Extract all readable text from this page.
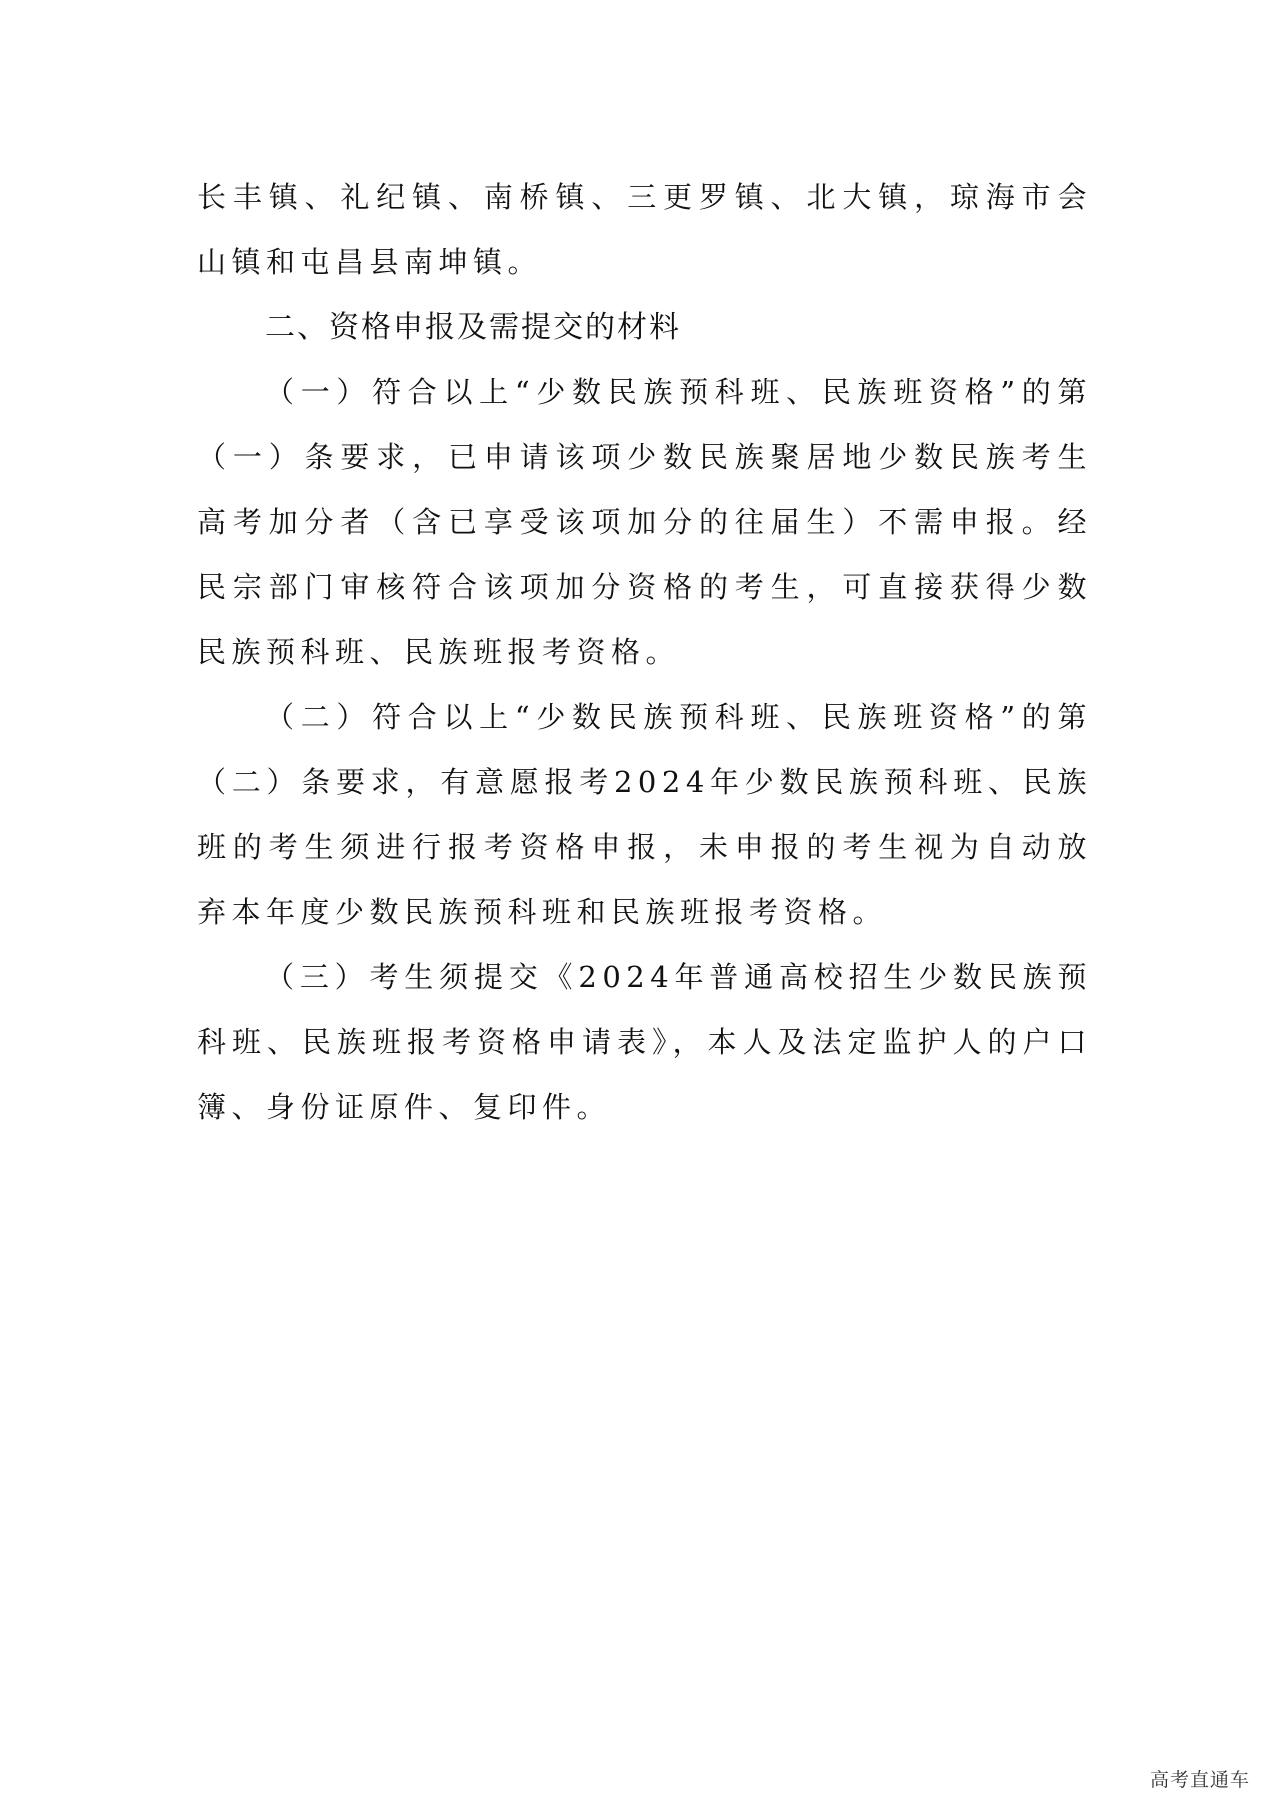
长丰镇、礼纪镇、南桥镇、三更罗镇、北大镇，琼海市会山镇和屯昌县南坤镇。

二、资格申报及需提交的材料

（一）符合以上“少数民族预科班、民族班资格”的第（一）条要求，已申请该项少数民族聚居地少数民族考生高考加分者（含已享受该项加分的往届生）不需申报。经民宗部门审核符合该项加分资格的考生，可直接获得少数民族预科班、民族班报考资格。

（二）符合以上“少数民族预科班、民族班资格”的第（二）条要求，有意愿报考2024年少数民族预科班、民族班的考生须进行报考资格申报，未申报的考生视为自动放弃本年度少数民族预科班和民族班报考资格。

（三）考生须提交《2024年普通高校招生少数民族预科班、民族班报考资格申请表》，本人及法定监护人的户口簿、身份证原件、复印件。

高考直通车
